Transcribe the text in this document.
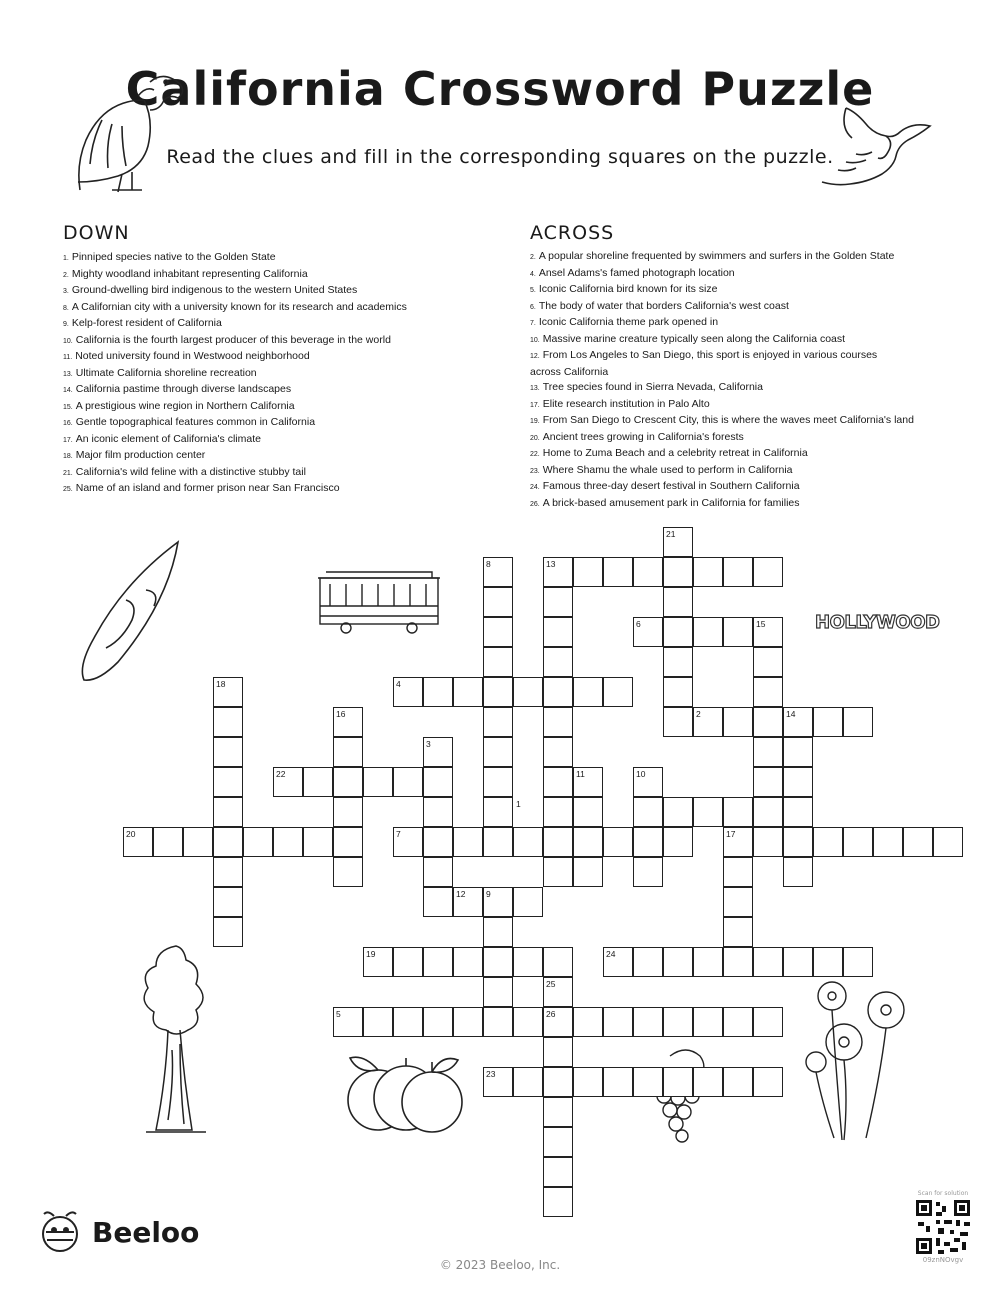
California Crossword Puzzle
Read the clues and fill in the corresponding squares on the puzzle.
DOWN	ACROSS
1. Pinniped species native to the Golden State
2. Mighty woodland inhabitant representing California
3. Ground-dwelling bird indigenous to the western United States
8. A Californian city with a university known for its research and academics
9. Kelp-forest resident of California
10. California is the fourth largest producer of this beverage in the world
11. Noted university found in Westwood neighborhood
13. Ultimate California shoreline recreation
14. California pastime through diverse landscapes
15. A prestigious wine region in Northern California
16. Gentle topographical features common in California
17. An iconic element of California's climate
18. Major film production center
21. California's wild feline with a distinctive stubby tail
25. Name of an island and former prison near San Francisco
2. A popular shoreline frequented by swimmers and surfers in the Golden State
4. Ansel Adams's famed photograph location
5. Iconic California bird known for its size
6. The body of water that borders California's west coast
7. Iconic California theme park opened in
10. Massive marine creature typically seen along the California coast
12. From Los Angeles to San Diego, this sport is enjoyed in various courses across California
13. Tree species found in Sierra Nevada, California
17. Elite research institution in Palo Alto
19. From San Diego to Crescent City, this is where the waves meet California's land
20. Ancient trees growing in California's forests
22. Home to Zuma Beach and a celebrity retreat in California
23. Where Shamu the whale used to perform in California
24. Famous three-day desert festival in Southern California
26. A brick-based amusement park in California for families
HOLLYWOOD
21
8	13
6	15
18	4
16	2	14
3
22	11	10
1
20	7	17
12 9
19	24
25
5	26
23
Beeloo
© 2023 Beeloo, Inc.
Scan for solution
09znNOvgv
